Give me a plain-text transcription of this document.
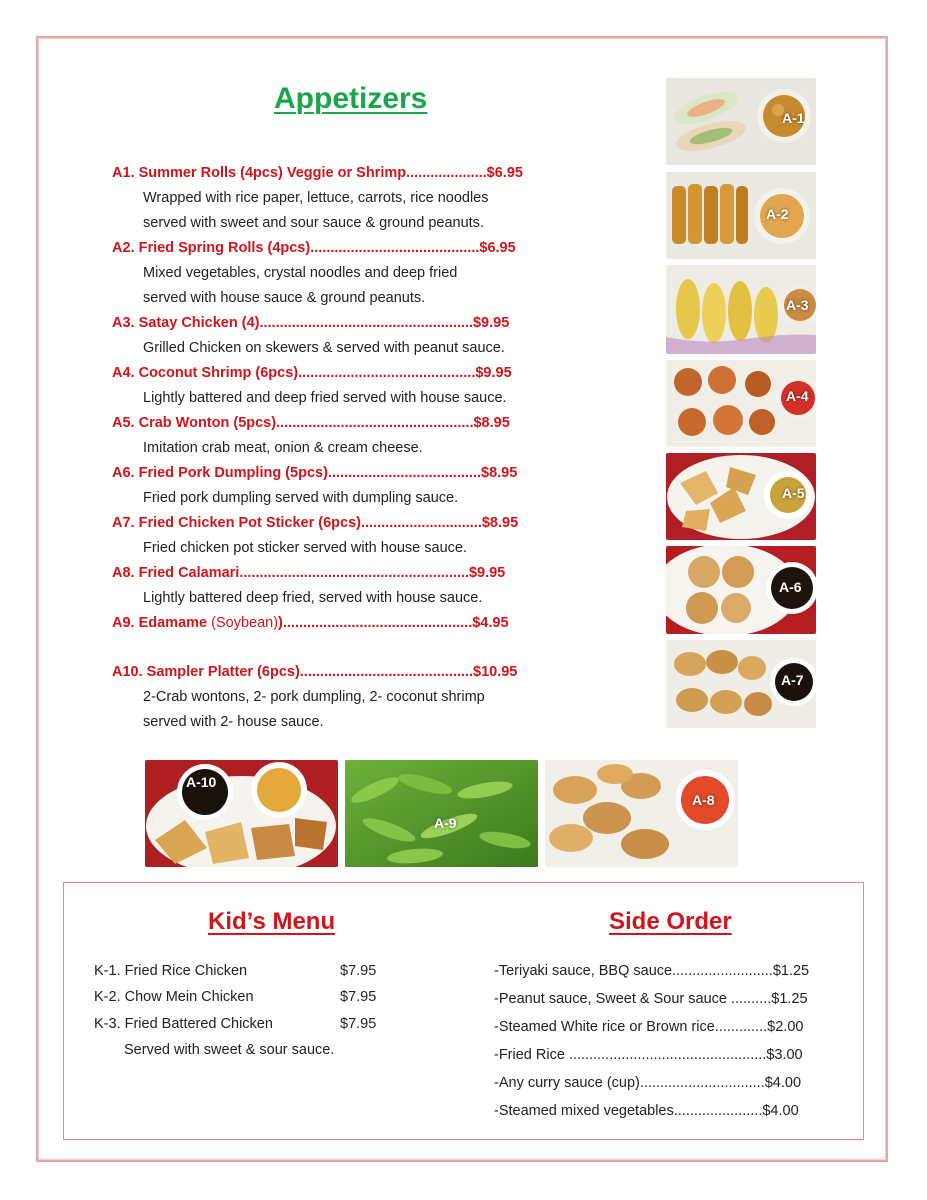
Appetizers
A1. Summer Rolls (4pcs) Veggie or Shrimp....................$6.95
Wrapped with rice paper, lettuce, carrots, rice noodles
served with sweet and sour sauce & ground peanuts.
A2. Fried Spring Rolls (4pcs)..........................................$6.95
Mixed vegetables, crystal noodles and deep fried
served with house sauce & ground peanuts.
A3. Satay Chicken (4).....................................................$9.95
Grilled Chicken on skewers & served with peanut sauce.
A4. Coconut Shrimp (6pcs)............................................$9.95
Lightly battered and deep fried served with house sauce.
A5. Crab Wonton (5pcs).................................................$8.95
Imitation crab meat, onion & cream cheese.
A6. Fried Pork Dumpling (5pcs)......................................$8.95
Fried pork dumpling served with dumpling sauce.
A7. Fried Chicken Pot Sticker (6pcs)..............................$8.95
Fried chicken pot sticker served with house sauce.
A8. Fried Calamari.........................................................$9.95
Lightly battered deep fried, served with house sauce.
A9. Edamame (Soybean))...............................................$4.95
A10. Sampler Platter (6pcs)...........................................$10.95
2-Crab wontons, 2- pork dumpling, 2- coconut shrimp
served with 2- house sauce.
A-1
A-2
A-3
A-4
A-5
A-6
A-7
A-10
A-9
A-8
Kid’s Menu	Side Order
K-1. Fried Rice Chicken	$7.95
K-2. Chow Mein Chicken	$7.95
K-3. Fried Battered Chicken	$7.95
Served with sweet & sour sauce.
-Teriyaki sauce, BBQ sauce.........................$1.25
-Peanut sauce, Sweet & Sour sauce ..........$1.25
-Steamed White rice or Brown rice.............$2.00
-Fried Rice .................................................$3.00
-Any curry sauce (cup)...............................$4.00
-Steamed mixed vegetables......................$4.00
